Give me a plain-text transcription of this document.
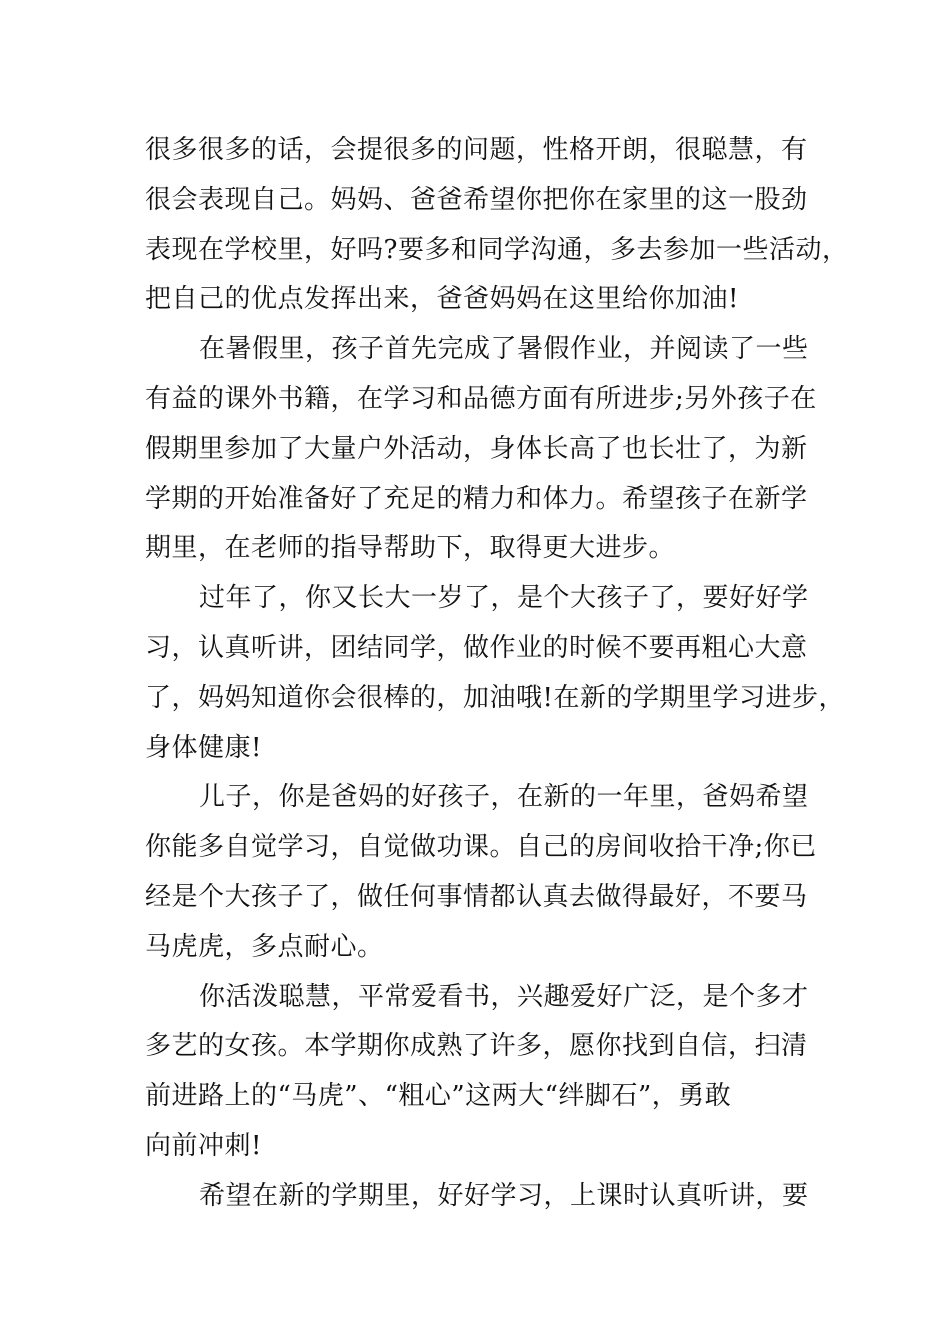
很多很多的话，会提很多的问题，性格开朗，很聪慧，有
很会表现自己。妈妈、爸爸希望你把你在家里的这一股劲
表现在学校里，好吗?要多和同学沟通，多去参加一些活动，
把自己的优点发挥出来，爸爸妈妈在这里给你加油!
在暑假里，孩子首先完成了暑假作业，并阅读了一些
有益的课外书籍，在学习和品德方面有所进步;另外孩子在
假期里参加了大量户外活动，身体长高了也长壮了，为新
学期的开始准备好了充足的精力和体力。希望孩子在新学
期里，在老师的指导帮助下，取得更大进步。
过年了，你又长大一岁了，是个大孩子了，要好好学
习，认真听讲，团结同学，做作业的时候不要再粗心大意
了，妈妈知道你会很棒的，加油哦!在新的学期里学习进步，
身体健康!
儿子，你是爸妈的好孩子，在新的一年里，爸妈希望
你能多自觉学习，自觉做功课。自己的房间收拾干净;你已
经是个大孩子了，做任何事情都认真去做得最好，不要马
马虎虎，多点耐心。
你活泼聪慧，平常爱看书，兴趣爱好广泛，是个多才
多艺的女孩。本学期你成熟了许多，愿你找到自信，扫清
前进路上的“马虎”、“粗心”这两大“绊脚石”，勇敢
向前冲刺!
希望在新的学期里，好好学习，上课时认真听讲，要
